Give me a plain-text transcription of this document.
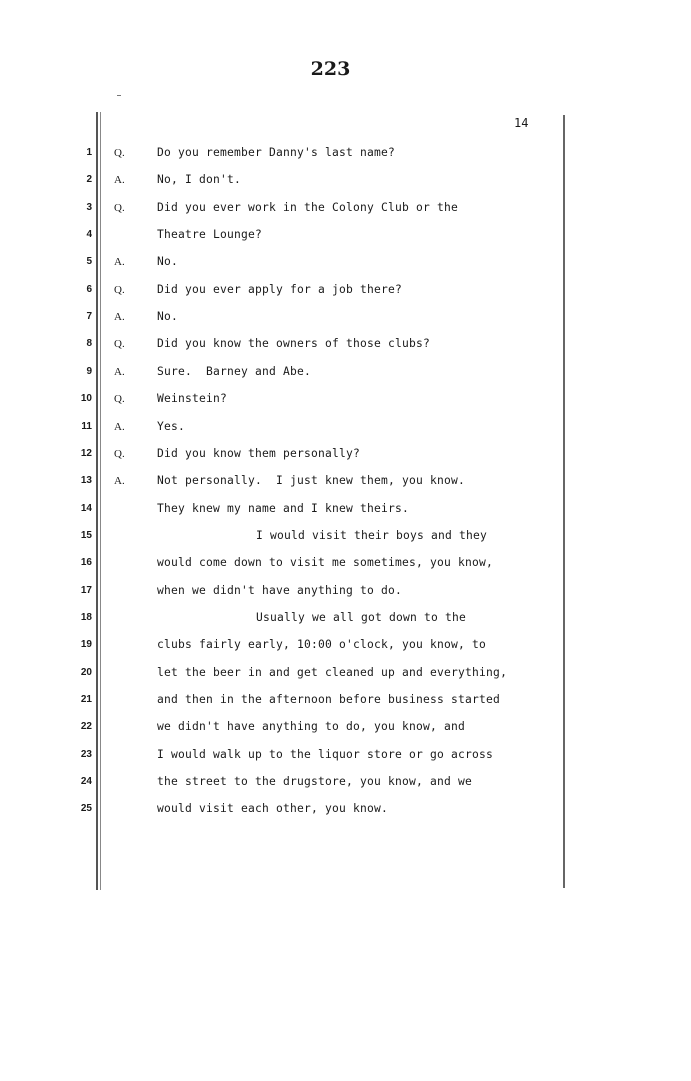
223
14
1 Q.	Do you remember Danny's last name?
2 A.	No, I don't.
3 Q.	Did you ever work in the Colony Club or the
4	Theatre Lounge?
5 A.	No.
6 Q.	Did you ever apply for a job there?
7 A.	No.
8 Q.	Did you know the owners of those clubs?
9 A.	Sure.  Barney and Abe.
10 Q.	Weinstein?
11 A.	Yes.
12 Q.	Did you know them personally?
13 A.	Not personally.  I just knew them, you know.
14	They knew my name and I knew theirs.
15	I would visit their boys and they
16	would come down to visit me sometimes, you know,
17	when we didn't have anything to do.
18	Usually we all got down to the
19	clubs fairly early, 10:00 o'clock, you know, to
20	let the beer in and get cleaned up and everything,
21	and then in the afternoon before business started
22	we didn't have anything to do, you know, and
23	I would walk up to the liquor store or go across
24	the street to the drugstore, you know, and we
25	would visit each other, you know.
